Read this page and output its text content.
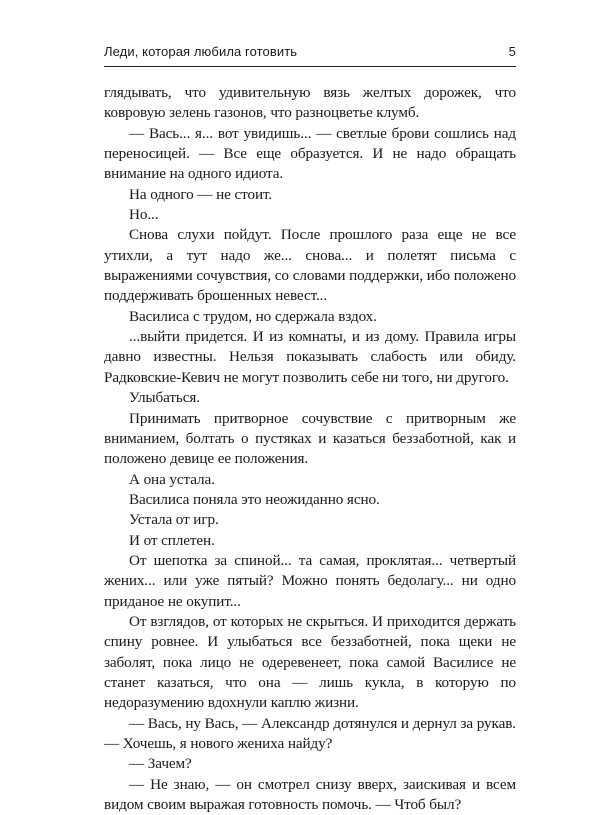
Леди, которая любила готовить	5

глядывать, что удивительную вязь желтых дорожек, что ковровую зелень газонов, что разноцветье клумб.

— Вась... я... вот увидишь... — светлые брови сошлись над переносицей. — Все еще образуется. И не надо обращать внимание на одного идиота.

На одного — не стоит.

Но...

Снова слухи пойдут. После прошлого раза еще не все утихли, а тут надо же... снова... и полетят письма с выражениями сочувствия, со словами поддержки, ибо положено поддерживать брошенных невест...

Василиса с трудом, но сдержала вздох.

...выйти придется. И из комнаты, и из дому. Правила игры давно известны. Нельзя показывать слабость или обиду. Радковские-Кевич не могут позволить себе ни того, ни другого.

Улыбаться.

Принимать притворное сочувствие с притворным же вниманием, болтать о пустяках и казаться беззаботной, как и положено девице ее положения.

А она устала.

Василиса поняла это неожиданно ясно.

Устала от игр.

И от сплетен.

От шепотка за спиной... та самая, проклятая... четвертый жених... или уже пятый? Можно понять бедолагу... ни одно приданое не окупит...

От взглядов, от которых не скрыться. И приходится держать спину ровнее. И улыбаться все беззаботней, пока щеки не заболят, пока лицо не одеревенеет, пока самой Василисе не станет казаться, что она — лишь кукла, в которую по недоразумению вдохнули каплю жизни.

— Вась, ну Вась, — Александр дотянулся и дернул за рукав. — Хочешь, я нового жениха найду?

— Зачем?

— Не знаю, — он смотрел снизу вверх, заискивая и всем видом своим выражая готовность помочь. — Чтоб был?
